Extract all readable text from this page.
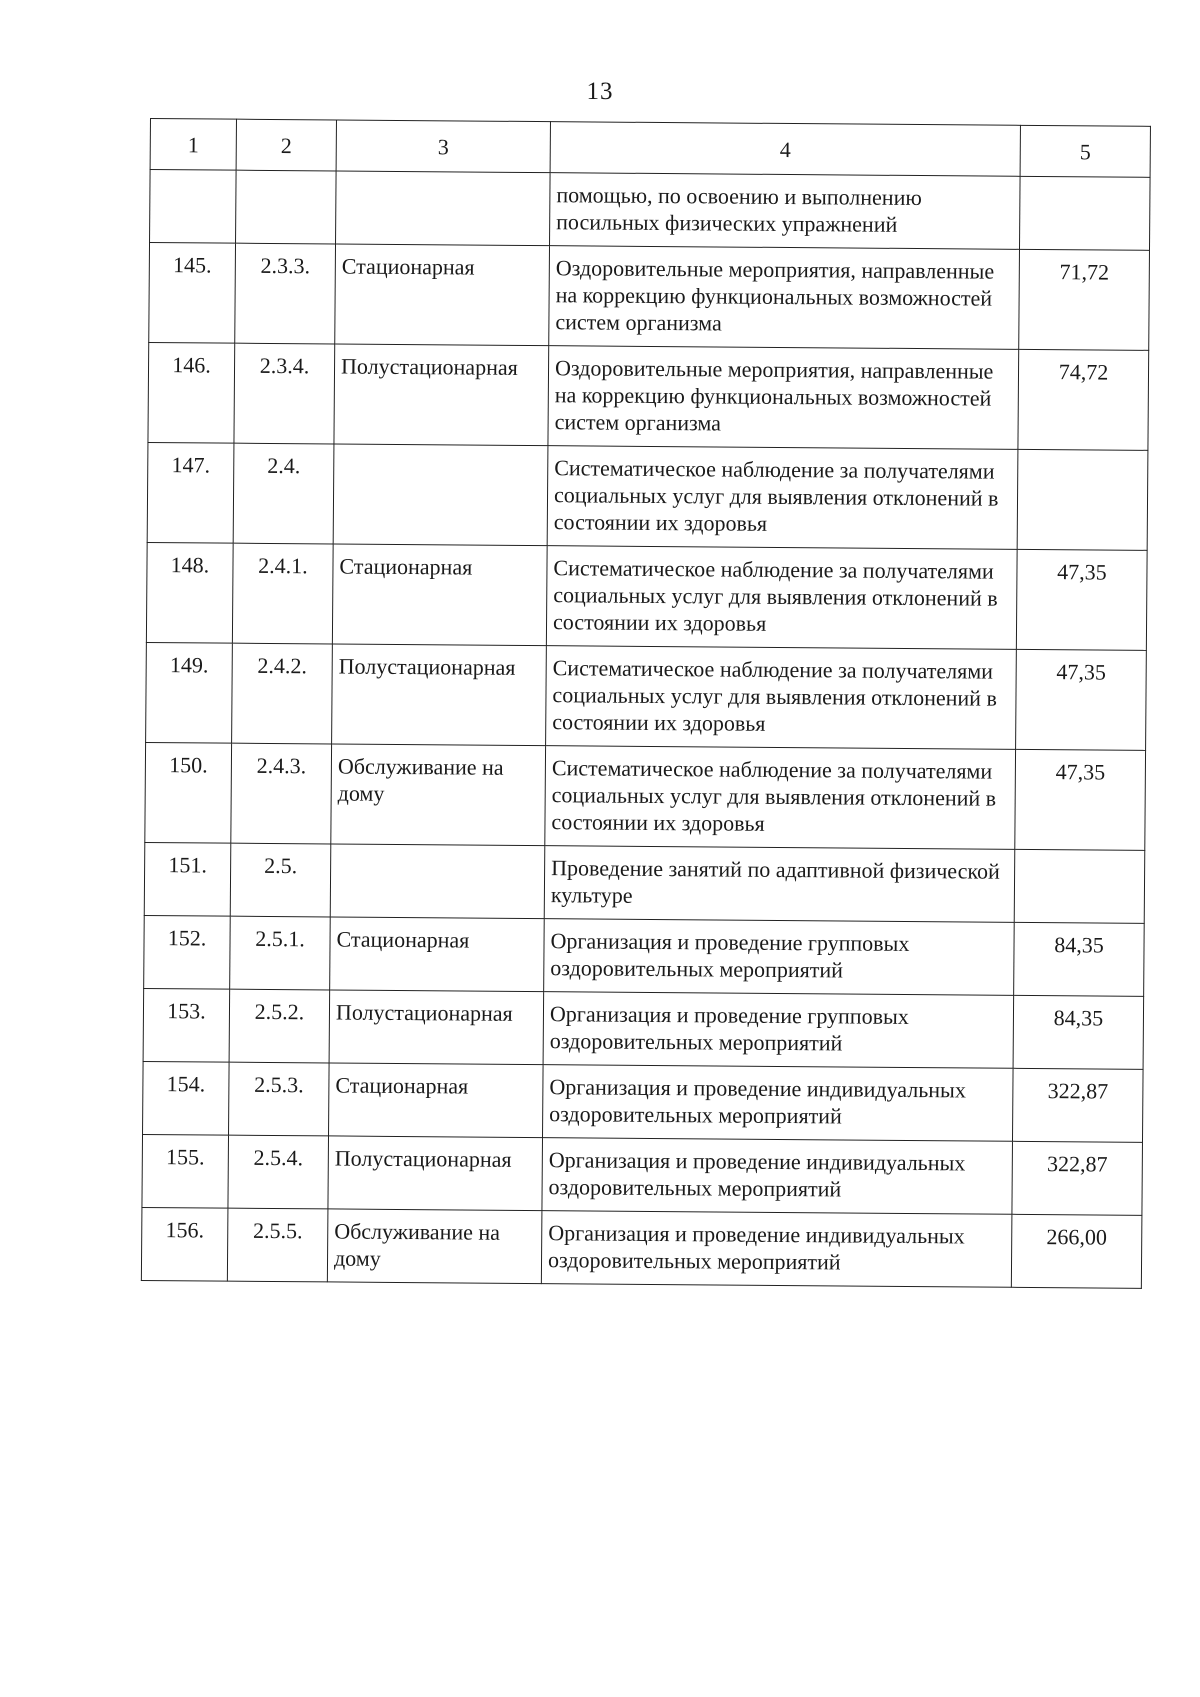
13
1	2	3	4	5
			помощью, по освоению и выполнению посильных физических упражнений	
145.	2.3.3.	Стационарная	Оздоровительные мероприятия, направленные на коррекцию функциональных возможностей систем организма	71,72
146.	2.3.4.	Полустационарная	Оздоровительные мероприятия, направленные на коррекцию функциональных возможностей систем организма	74,72
147.	2.4.		Систематическое наблюдение за получателями социальных услуг для выявления отклонений в состоянии их здоровья	
148.	2.4.1.	Стационарная	Систематическое наблюдение за получателями социальных услуг для выявления отклонений в состоянии их здоровья	47,35
149.	2.4.2.	Полустационарная	Систематическое наблюдение за получателями социальных услуг для выявления отклонений в состоянии их здоровья	47,35
150.	2.4.3.	Обслуживание на дому	Систематическое наблюдение за получателями социальных услуг для выявления отклонений в состоянии их здоровья	47,35
151.	2.5.		Проведение занятий по адаптивной физической культуре	
152.	2.5.1.	Стационарная	Организация и проведение групповых оздоровительных мероприятий	84,35
153.	2.5.2.	Полустационарная	Организация и проведение групповых оздоровительных мероприятий	84,35
154.	2.5.3.	Стационарная	Организация и проведение индивидуальных оздоровительных мероприятий	322,87
155.	2.5.4.	Полустационарная	Организация и проведение индивидуальных оздоровительных мероприятий	322,87
156.	2.5.5.	Обслуживание на дому	Организация и проведение индивидуальных оздоровительных мероприятий	266,00
